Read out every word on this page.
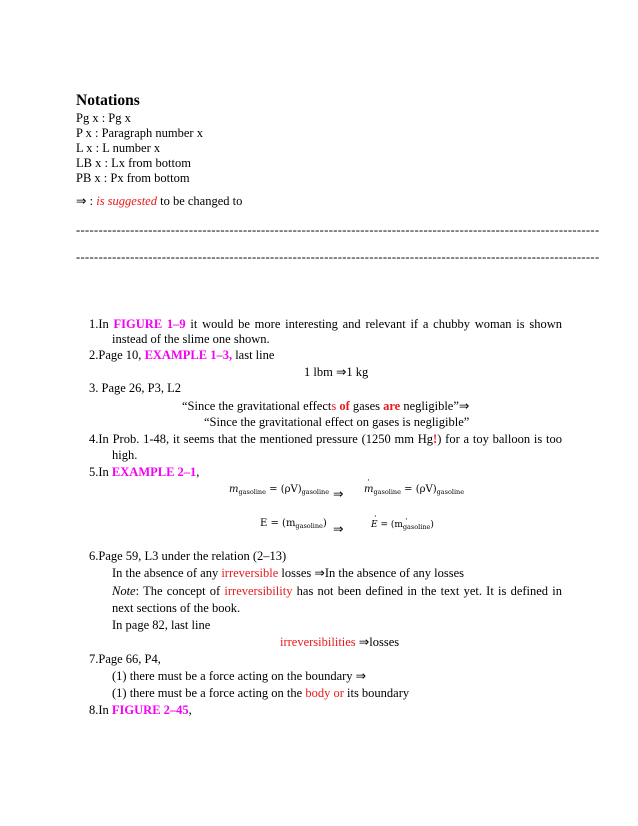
Notations
Pg x : Pg x
P x : Paragraph number x
L x : L number x
LB x : Lx from bottom
PB x : Px from bottom
⇒ : is suggested to be changed to
--------------------------------------------------------------------------------------------------------------------
--------------------------------------------------------------------------------------------------------------------
1.In FIGURE 1–9 it would be more interesting and relevant if a chubby woman is shown
instead of the slime one shown.
2.Page 10, EXAMPLE 1–3, last line
1 lbm ⇒1 kg
3. Page 26, P3, L2
“Since the gravitational effects of gases are negligible”⇒
“Since the gravitational effect on gases is negligible”
4.In Prob. 1-48, it seems that the mentioned pressure (1250 mm Hg!) for a toy balloon is too
high.
5.In EXAMPLE 2–1,
$m_{gasoline} = (\rho V)_{gasoline}$ ⇒ ˙ $m_{gasoline} = (\rho V)_{gasoline}$
$E = (m_{gasoline})$ ⇒	˙ E = (m˙ $_{gasoline}$)
6.Page 59, L3 under the relation (2–13)
In the absence of any irreversible losses ⇒In the absence of any losses
Note: The concept of irreversibility has not been defined in the text yet. It is defined in
next sections of the book.
In page 82, last line
irreversibilities ⇒losses
7.Page 66, P4,
(1) there must be a force acting on the boundary ⇒
(1) there must be a force acting on the body or its boundary
8.In FIGURE 2–45,
